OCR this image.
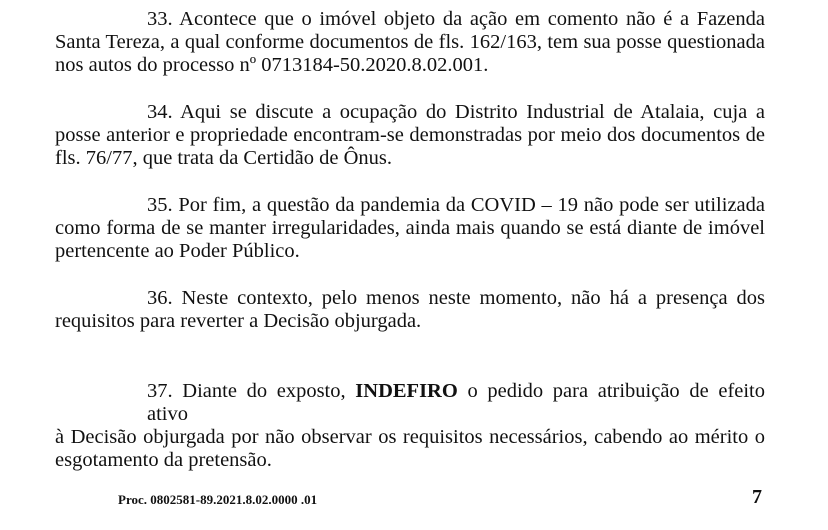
33. Acontece que o imóvel objeto da ação em comento não é a Fazenda
Santa Tereza, a qual conforme documentos de fls. 162/163, tem sua posse questionada
nos autos do processo nº 0713184-50.2020.8.02.001.
34. Aqui se discute a ocupação do Distrito Industrial de Atalaia, cuja a
posse anterior e propriedade encontram-se demonstradas por meio dos documentos de
fls. 76/77, que trata da Certidão de Ônus.
35. Por fim, a questão da pandemia da COVID – 19 não pode ser utilizada
como forma de se manter irregularidades, ainda mais quando se está diante de imóvel
pertencente ao Poder Público.
36. Neste contexto, pelo menos neste momento, não há a presença dos
requisitos para reverter a Decisão objurgada.
37. Diante do exposto, INDEFIRO o pedido para atribuição de efeito ativo
à Decisão objurgada por não observar os requisitos necessários, cabendo ao mérito o
esgotamento da pretensão.
Proc. 0802581-89.2021.8.02.0000 .01	7
